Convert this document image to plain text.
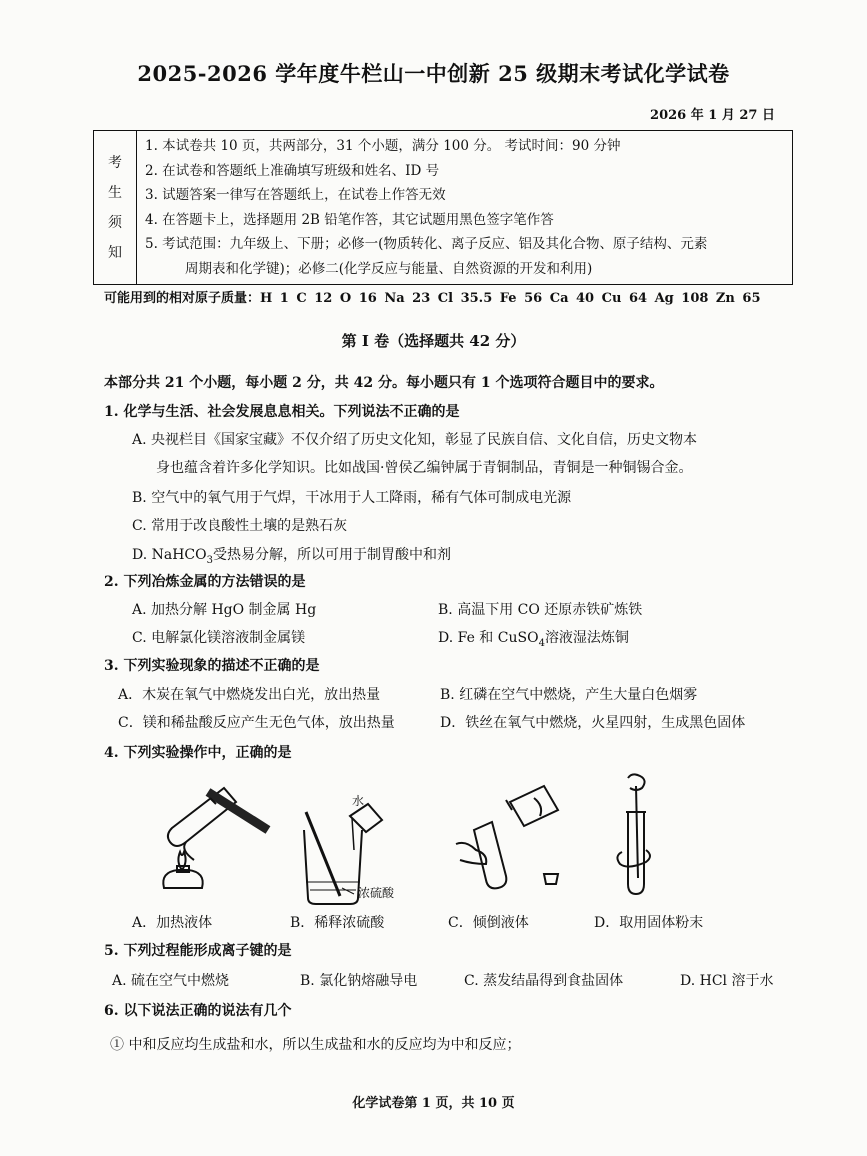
2025-2026 学年度牛栏山一中创新 25 级期末考试化学试卷
2026 年 1 月 27 日
考
生
须
知

1. 本试卷共 10 页，共两部分，31 个小题，满分 100 分。 考试时间：90 分钟
2. 在试卷和答题纸上准确填写班级和姓名、ID 号
3. 试题答案一律写在答题纸上，在试卷上作答无效
4. 在答题卡上，选择题用 2B 铅笔作答，其它试题用黑色签字笔作答
5. 考试范围：九年级上、下册；必修一(物质转化、离子反应、铝及其化合物、原子结构、元素
周期表和化学键)；必修二(化学反应与能量、自然资源的开发和利用)
可能用到的相对原子质量：H 1 C 12 O 16 Na 23 Cl 35.5 Fe 56 Ca 40 Cu 64 Ag 108 Zn 65
第 I 卷（选择题共 42 分）
本部分共 21 个小题，每小题 2 分，共 42 分。每小题只有 1 个选项符合题目中的要求。
1. 化学与生活、社会发展息息相关。下列说法不正确的是
A. 央视栏目《国家宝藏》不仅介绍了历史文化知，彰显了民族自信、文化自信，历史文物本
身也蕴含着许多化学知识。比如战国·曾侯乙编钟属于青铜制品，青铜是一种铜锡合金。
B. 空气中的氧气用于气焊，干冰用于人工降雨，稀有气体可制成电光源
C. 常用于改良酸性土壤的是熟石灰
D. NaHCO$_3$受热易分解，所以可用于制胃酸中和剂
2. 下列冶炼金属的方法错误的是
A. 加热分解 HgO 制金属 Hg	B. 高温下用 CO 还原赤铁矿炼铁
C. 电解氯化镁溶液制金属镁	D. Fe 和 CuSO$_4$溶液湿法炼铜
3. 下列实验现象的描述不正确的是
A．木炭在氧气中燃烧发出白光，放出热量	B. 红磷在空气中燃烧，产生大量白色烟雾
C．镁和稀盐酸反应产生无色气体，放出热量	D．铁丝在氧气中燃烧，火星四射，生成黑色固体
4. 下列实验操作中，正确的是
水
浓硫酸
A．加热液体	B．稀释浓硫酸	C．倾倒液体	D．取用固体粉末
5. 下列过程能形成离子键的是
A. 硫在空气中燃烧	B. 氯化钠熔融导电	C. 蒸发结晶得到食盐固体	D. HCl 溶于水
6. 以下说法正确的说法有几个
① 中和反应均生成盐和水，所以生成盐和水的反应均为中和反应；
化学试卷第 1 页，共 10 页
